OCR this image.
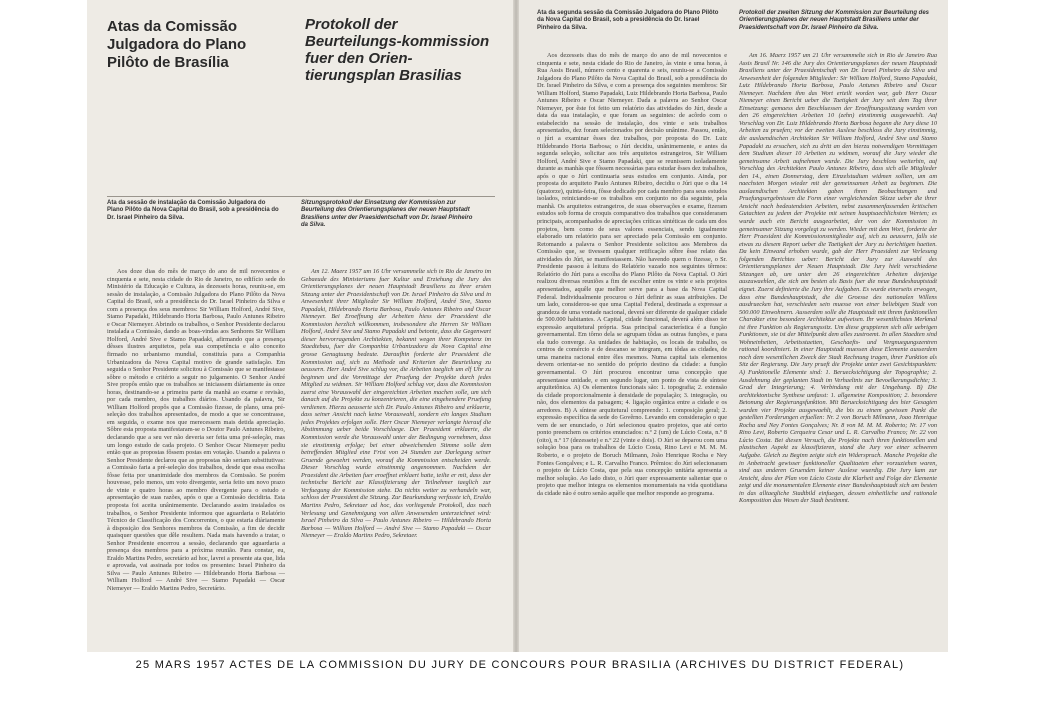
Atas da Comissão Julgadora do Plano Pilôto de Brasília
Protokoll der Beurteilungs-kommission fuer den Orien-tierungsplan Brasilias

Ata da sessão de instalação da Comissão Julgadora do Plano Pilôto da Nova Capital do Brasil, sob a presidência do Dr. Israel Pinheiro da Silva.

Sitzungsprotokoll der Einsetzung der Kommission zur Beurteilung des Orientierungsplanes der neuen Hauptstadt Brasiliens unter der Praesidentschaft von Dr. Israel Pinheiro da Silva.

Aos doze dias do mês de março do ano de mil novecentos e cinquenta e sete, nesta cidade do Rio de Janeiro, no edifício sede do Ministério da Educação e Cultura, às dezesseis horas, reuniu-se, em sessão de instalação, a Comissão Julgadora do Plano Pilôto da Nova Capital do Brasil, sob a presidência do Dr. Israel Pinheiro da Silva e com a presença dos seus membros: Sir William Holford, André Sive, Stamo Papadaki, Hildebrando Horta Barbosa, Paulo Antunes Ribeiro e Oscar Niemeyer. Abrindo os trabalhos, o Senhor Presidente declarou instalada a Comissão, dando as boas-vindas aos Senhores Sir William Holford, André Sive e Stamo Papadaki, afirmando que a presença dêsses ilustres arquitetos, pela sua competência e alto conceito firmado no urbanismo mundial, constituía para a Companhia Urbanizadora da Nova Capital motivo de grande satisfação. Em seguida o Senhor Presidente solicitou à Comissão que se manifestasse sôbre o método e critério a seguir no julgamento. O Senhor André Sive propôs então que os trabalhos se iniciassem diàriamente às onze horas, destinando-se a primeira parte da manhã ao exame e revisão, por cada membro, dos trabalhos diários. Usando da palavra, Sir William Holford propôs que a Comissão fizesse, de plano, uma pré-seleção dos trabalhos apresentados, de modo a que se concentrasse, em seguida, o exame nos que merecessem mais detida apreciação. Sôbre esta proposta manifestaram-se o Doutor Paulo Antunes Ribeiro, declarando que a seu ver não deveria ser feita uma pré-seleção, mas um longo estudo de cada projeto. O Senhor Oscar Niemeyer pediu então que as propostas fôssem postas em votação. Usando a palavra o Senhor Presidente declarou que as propostas não seriam substitutivas: a Comissão faria a pré-seleção dos trabalhos, desde que essa escolha fôsse feita por unanimidade dos membros da Comissão. Se porém houvesse, pelo menos, um voto divergente, seria feito um novo prazo de vinte e quatro horas ao membro divergente para o estudo e apresentação de suas razões, após o que a Comissão decidiria. Esta proposta foi aceita unânimemente. Declarando assim instalados os trabalhos, o Senhor Presidente informou que aguardaria o Relatório Técnico de Classificação dos Concorrentes, o que estaria diàriamente à disposição dos Senhores membros da Comissão, a fim de decidir quaisquer questões que dêle resultem. Nada mais havendo a tratar, o Senhor Presidente encerrou a sessão, declarando que aguardaria a presença dos membros para a próxima reunião. Para constar, eu, Eraldo Martins Pedro, secretário ad hoc, lavrei a presente ata que, lida e aprovada, vai assinada por todos os presentes: Israel Pinheiro da Silva — Paulo Antunes Ribeiro — Hildebrando Horta Barbosa — William Holford — André Sive — Stamo Papadaki — Oscar Niemeyer — Eraldo Martins Pedro, Secretário.

Am 12. Maerz 1957 um 16 Uhr versammelte sich in Rio de Janeiro im Gebaeude des Ministeriums fuer Kultur und Erziehung die Jury des Orientierungsplanes der neuen Hauptstadt Brasiliens zu ihrer ersten Sitzung unter der Praesidentschaft von Dr. Israel Pinheiro da Silva und in Anwesenheit ihrer Mitglieder Sir William Holford, André Sive, Stamo Papadaki, Hildebrando Horta Barbosa, Paulo Antunes Ribeiro und Oscar Niemeyer. Bei Eroeffnung der Arbeiten hiess der Praesident die Kommission herzlich willkommen, insbesondere die Herren Sir William Holford, André Sive und Stamo Papadaki und betonte, dass die Gegenwart dieser hervorragenden Architekten, bekannt wegen ihrer Kompetenz im Staedtebau, fuer die Companhia Urbanizadora da Nova Capital eine grosse Genugtuung bedeute. Daraufhin forderte der Praesident die Kommission auf, sich zu Methode und Kriterien der Beurteilung zu aeussern. Herr André Sive schlug vor, die Arbeiten taeglich um elf Uhr zu beginnen und die Vormittage der Pruefung der Projekte durch jedes Mitglied zu widmen. Sir William Holford schlug vor, dass die Kommission zuerst eine Vorauswahl der eingereichten Arbeiten machen solle, um sich danach auf die Projekte zu konzentrieren, die eine eingehendere Pruefung verdienen. Hierzu aeusserte sich Dr. Paulo Antunes Ribeiro und erklaerte, dass seiner Ansicht nach keine Vorauswahl, sondern ein langes Studium jedes Projektes erfolgen solle. Herr Oscar Niemeyer verlangte hierauf die Abstimmung ueber beide Vorschlaege. Der Praesident erklaerte, die Kommission werde die Vorauswahl unter der Bedingung vornehmen, dass sie einstimmig erfolge; bei einer abweichenden Stimme solle dem betreffenden Mitglied eine Frist von 24 Stunden zur Darlegung seiner Gruende gewaehrt werden, worauf die Kommission entscheiden werde. Dieser Vorschlag wurde einstimmig angenommen. Nachdem der Praesident die Arbeiten fuer eroeffnet erklaert hatte, teilte er mit, dass der technische Bericht zur Klassifizierung der Teilnehmer taeglich zur Verfuegung der Kommission stehe. Da nichts weiter zu verhandeln war, schloss der Praesident die Sitzung. Zur Beurkundung verfasste ich, Eraldo Martins Pedro, Sekretaer ad hoc, das vorliegende Protokoll, das nach Verlesung und Genehmigung von allen Anwesenden unterzeichnet wird: Israel Pinheiro da Silva — Paulo Antunes Ribeiro — Hildebrando Horta Barbosa — William Holford — André Sive — Stamo Papadaki — Oscar Niemeyer — Eraldo Martins Pedro, Sekretaer.

Ata da segunda sessão da Comissão Julgadora do Plano Pilôto da Nova Capital do Brasil, sob a presidência do Dr. Israel Pinheiro da Silva.

Protokoll der zweiten Sitzung der Kommission zur Beurteilung des Orientierungsplanes der neuen Hauptstadt Brasiliens unter der Praesidentschaft von Dr. Israel Pinheiro da Silva.

Aos dezesseis dias do mês de março do ano de mil novecentos e cinquenta e sete, nesta cidade do Rio de Janeiro, às vinte e uma horas, à Rua Assis Brasil, número cento e quarenta e seis, reuniu-se a Comissão Julgadora do Plano Pilôto da Nova Capital do Brasil, sob a presidência do Dr. Israel Pinheiro da Silva, e com a presença dos seguintes membros: Sir William Holford, Stamo Papadaki, Luiz Hildebrando Horta Barbosa, Paulo Antunes Ribeiro e Oscar Niemeyer. Dada a palavra ao Senhor Oscar Niemeyer, por êste foi feito um relatório das atividades do Júri, desde a data da sua instalação, e que foram as seguintes: de acôrdo com o estabelecido na sessão de instalação, dos vinte e seis trabalhos apresentados, dez foram selecionados por decisão unânime. Passou, então, o júri a examinar êsses dez trabalhos, por proposta do Dr. Luiz Hildebrando Horta Barbosa; o Júri decidiu, unânimemente, e antes da segunda seleção, solicitar aos três arquitetos estrangeiros, Sir William Holford, André Sive e Stamo Papadaki, que se reunissem isoladamente durante as manhãs que fôssem necessárias para estudar êsses dez trabalhos, após o que o Júri continuaria seus estudos em conjunto. Ainda, por proposta do arquiteto Paulo Antunes Ribeiro, decidiu o Júri que o dia 14 (quatorze), quinta-feira, fôsse dedicado por cada membro para seus estudos isolados, reiniciando-se os trabalhos em conjunto no dia seguinte, pela manhã. Os arquitetos estrangeiros, de suas observações e exame, fizeram estudos sob forma de croquis comparativo dos trabalhos que consideraram principais, acompanhados de apreciações críticas sintéticas de cada um dos projetos, bem como de seus valores essenciais, sendo igualmente elaborado um relatório para ser apreciado pela Comissão em conjunto. Retomando a palavra o Senhor Presidente solicitou aos Membros da Comissão que, se tivessem qualquer retificação sôbre êsse relato das atividades do Júri, se manifestassem. Não havendo quem o fizesse, o Sr. Presidente passou à leitura do Relatório vazado nos seguintes têrmos: Relatório do Júri para a escolha do Plano Pilôto da Nova Capital. O Júri realizou diversas reuniões a fim de escolher entre os vinte e seis projetos apresentados, aquêle que melhor serve para a base da Nova Capital Federal. Individualmente procurou o Júri definir as suas atribuições. De um lado, considerou-se que uma Capital Federal, destinada a expressar a grandeza de uma vontade nacional, deverá ser diferente de qualquer cidade de 500.000 habitantes. A Capital, cidade funcional, deverá além disso ter expressão arquitetural própria. Sua principal característica é a função governamental. Em tôrno dela se agrupam tôdas as outras funções, e para ela tudo converge. As unidades de habitação, os locais de trabalho, os centros de comércio e de descanso se integram, em tôdas as cidades, de uma maneira racional entre êles mesmos. Numa capital tais elementos devem orientar-se no sentido do próprio destino da cidade: a função governamental. O Júri procurou encontrar uma concepção que apresentasse unidade, e em segundo lugar, um ponto de vista de síntese arquitetônica. A) Os elementos funcionais são: 1. topografia; 2. extensão da cidade proporcionalmente à densidade de população; 3. integração, ou não, dos elementos da paisagem; 4. ligação orgânica entre a cidade e os arredores. B) A síntese arquitetural compreende: 1. composição geral; 2. expressão específica da sede do Govêrno. Levando em consideração o que vem de ser enunciado, o Júri selecionou quatro projetos, que até certo ponto preenchem os critérios enunciados: n.º 2 (um) de Lúcio Costa, n.º 8 (oito), n.º 17 (dezessete) e n.º 22 (vinte e dois). O Júri se deparou com uma solução boa para os trabalhos de Lúcio Costa, Rino Levi e M. M. M. Roberto, e o projeto de Boruch Milmann, João Henrique Rocha e Ney Fontes Gonçalves; e L. R. Carvalho Franco. Prêmios: do Júri selecionaram o projeto de Lúcio Costa, que pela sua concepção unitária apresenta a melhor solução. Ao lado disto, o Júri quer expressamente salientar que o projeto que melhor integra os elementos monumentais na vida quotidiana da cidade não é outro senão aquêle que melhor responde ao programa.

Am 16. Maerz 1957 um 21 Uhr versammelte sich in Rio de Janeiro Rua Assis Brasil Nr. 146 die Jury des Orientierungsplanes der neuen Hauptstadt Brasiliens unter der Praesidentschaft von Dr. Israel Pinheiro da Silva und Anwesenheit der folgenden Mitglieder: Sir William Holford, Stamo Papadaki, Luiz Hildebrando Horta Barbosa, Paulo Antunes Ribeiro und Oscar Niemeyer. Nachdem ihm das Wort erteilt worden war, gab Herr Oscar Niemeyer einen Bericht ueber die Taetigkeit der Jury seit dem Tag ihrer Einsetzung: gemaess den Beschluessen der Eroeffnungssitzung wurden von den 26 eingereichten Arbeiten 10 (zehn) einstimmig ausgewaehlt. Auf Vorschlag von Dr. Luiz Hildebrando Horta Barbosa begann die Jury diese 10 Arbeiten zu pruefen; vor der zweiten Auslese beschloss die Jury einstimmig, die auslaendischen Architekten Sir William Holford, André Sive und Stamo Papadaki zu ersuchen, sich zu dritt an den hierzu notwendigen Vormittagen dem Studium dieser 10 Arbeiten zu widmen, worauf die Jury wieder die gemeinsame Arbeit aufnehmen wurde. Die Jury beschloss weiterhin, auf Vorschlag des Architekten Paulo Antunes Ribeiro, dass sich alle Mitglieder den 14., einen Donnerstag, dem Einzelstudium widmen sollten, um am naechsten Morgen wieder mit der gemeinsamen Arbeit zu beginnen. Die auslaendischen Architekten gaben ihren Beobachtungen und Pruefungsergebnissen die Form einer vergleichenden Skizze ueber die ihrer Ansicht nach bedeutendsten Arbeiten, nebst zusammenfassenden kritischen Gutachten zu jedem der Projekte mit seinen hauptsaechlichsten Werten; es wurde auch ein Bericht ausgearbeitet, der von der Kommission in gemeinsamer Sitzung vorgelegt zu werden. Wieder mit dem Wort, forderte der Herr Praesident die Kommissionsmitglieder auf, sich zu aeussern, falls sie etwas zu diesem Report ueber die Taetigkeit der Jury zu berichtigen haetten. Da kein Einwand erhoben wurde, gab der Herr Praesident zur Verlesung folgenden Berichtes ueber: Bericht der Jury zur Auswahl des Orientierungsplanes der Neuen Hauptstadt. Die Jury hielt verschiedene Sitzungen ab, um unter den 26 eingereichten Arbeiten diejenige auszuwaehlen, die sich am besten als Basis fuer die neue Bundeshauptstadt eignet. Zuerst definierte die Jury ihre Aufgaben. Es wurde einerseits erwogen, dass eine Bundeshauptstadt, die die Groesse des nationalen Willens ausdruecken hat, verschieden sein muesse von einer beliebigen Stadt von 500.000 Einwohnern. Ausserdem solle die Hauptstadt mit ihrem funktionellen Charakter eine besondere Architektur aufweisen. Ihr wesentlichstes Merkmal ist ihre Funktion als Regierungssitz. Um diese gruppieren sich alle uebrigen Funktionen, sie ist der Mittelpunkt dem alles zustroemt. In allen Staedten sind Wohneinheiten, Arbeitsstaetten, Geschaefts- und Vergnuegungszentren rational koordiniert. In einer Hauptstadt muessen diese Elemente ausserdem noch dem wesentlichen Zweck der Stadt Rechnung tragen, ihrer Funktion als Sitz der Regierung. Die Jury prueft die Projekte unter zwei Gesichtspunkten: A) Funktionelle Elemente sind: 1. Beruecksichtigung der Topographie; 2. Ausdehnung der geplanten Stadt im Verhaeltnis zur Bevoelkerungsdichte; 3. Grad der Integrierung; 4. Verbindung mit der Umgebung. B) Die architektonische Synthese umfasst: 1. allgemeine Komposition; 2. besondere Betonung der Regierungsfunktion. Mit Beruecksichtigung des hier Gesagten wurden vier Projekte ausgewaehlt, die bis zu einem gewissen Punkt die gestellten Forderungen erfuellen: Nr. 2 von Boruch Milmann, Joao Henrique Rocha und Ney Fontes Gonçalves; Nr. 8 von M. M. M. Roberto; Nr. 17 von Rino Levi, Roberto Cerqueira Cesar und L. R. Carvalho Franco; Nr. 22 von Lúcio Costa. Bei diesen Versuch, die Projekte nach ihren funktionellen und plastischen Aspekt zu klassifizieren, stand die Jury vor einer schweren Aufgabe. Gleich zu Beginn zeigte sich ein Widerspruch. Manche Projekte die in Anbetracht gewisser funktioneller Qualitaeten eher vorzuziehen waren, sind aus anderen Gruenden keiner Auslese wuerdig. Die Jury kam zur Ansicht, dass der Plan von Lúcio Costa die Klarheit und Folge der Elemente zeigt und die monumentalen Elemente einer Bundeshauptstadt sich am besten in das alltaegliche Stadtbild einfuegen, dessen einheitliche und rationale Komposition das Wesen der Stadt bestimmt.

25 MARS 1957 ACTES DE LA COMMISSION DU JURY DE CONCOURS POUR BRASILIA (ARCHIVES DU DISTRICT FEDERAL)
